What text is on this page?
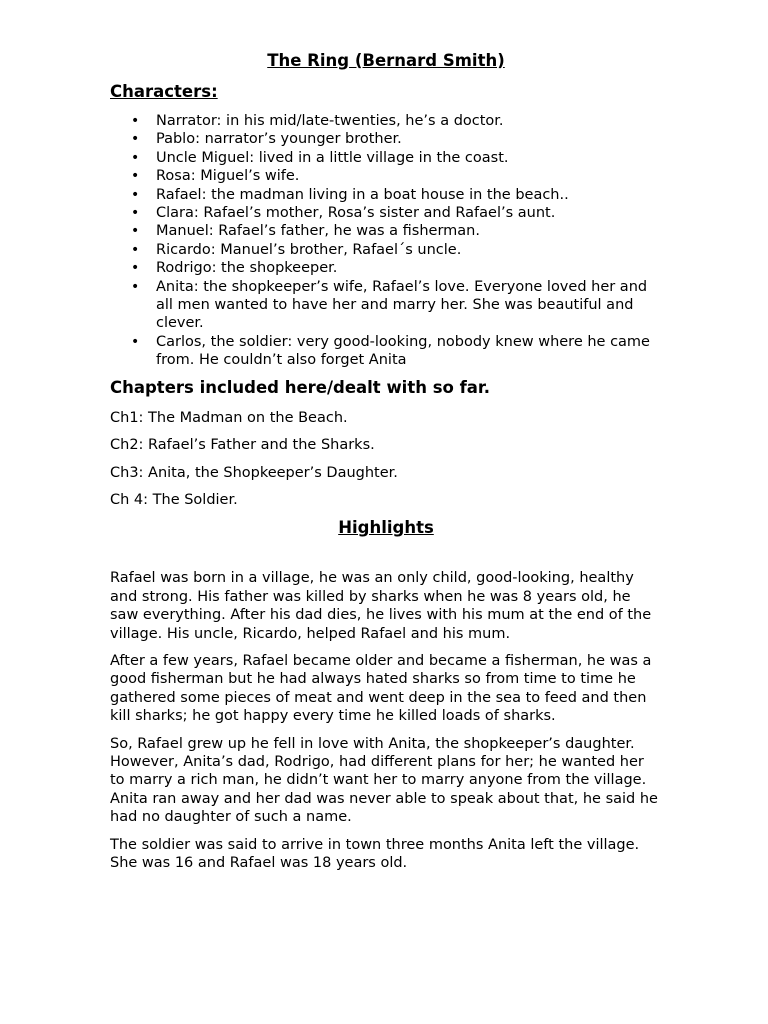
The Ring (Bernard Smith)
Characters:
• Narrator: in his mid/late-twenties, he’s a doctor.
• Pablo: narrator’s younger brother.
• Uncle Miguel: lived in a little village in the coast.
• Rosa: Miguel’s wife.
• Rafael: the madman living in a boat house in the beach..
• Clara: Rafael’s mother, Rosa’s sister and Rafael’s aunt.
• Manuel: Rafael’s father, he was a fisherman.
• Ricardo: Manuel’s brother, Rafael´s uncle.
• Rodrigo: the shopkeeper.
• Anita: the shopkeeper’s wife, Rafael’s love. Everyone loved her and all men wanted to have her and marry her. She was beautiful and clever.
• Carlos, the soldier: very good-looking, nobody knew where he came from. He couldn’t also forget Anita
Chapters included here/dealt with so far.

Ch1: The Madman on the Beach.

Ch2: Rafael’s Father and the Sharks.

Ch3: Anita, the Shopkeeper’s Daughter.

Ch 4: The Soldier.

Highlights

Rafael was born in a village, he was an only child, good-looking, healthy and strong. His father was killed by sharks when he was 8 years old, he saw everything. After his dad dies, he lives with his mum at the end of the village. His uncle, Ricardo, helped Rafael and his mum.

After a few years, Rafael became older and became a fisherman, he was a good fisherman but he had always hated sharks so from time to time he gathered some pieces of meat and went deep in the sea to feed and then kill sharks; he got happy every time he killed loads of sharks.

So, Rafael grew up he fell in love with Anita, the shopkeeper’s daughter. However, Anita’s dad, Rodrigo, had different plans for her; he wanted her to marry a rich man, he didn’t want her to marry anyone from the village. Anita ran away and her dad was never able to speak about that, he said he had no daughter of such a name.

The soldier was said to arrive in town three months Anita left the village. She was 16 and Rafael was 18 years old.
